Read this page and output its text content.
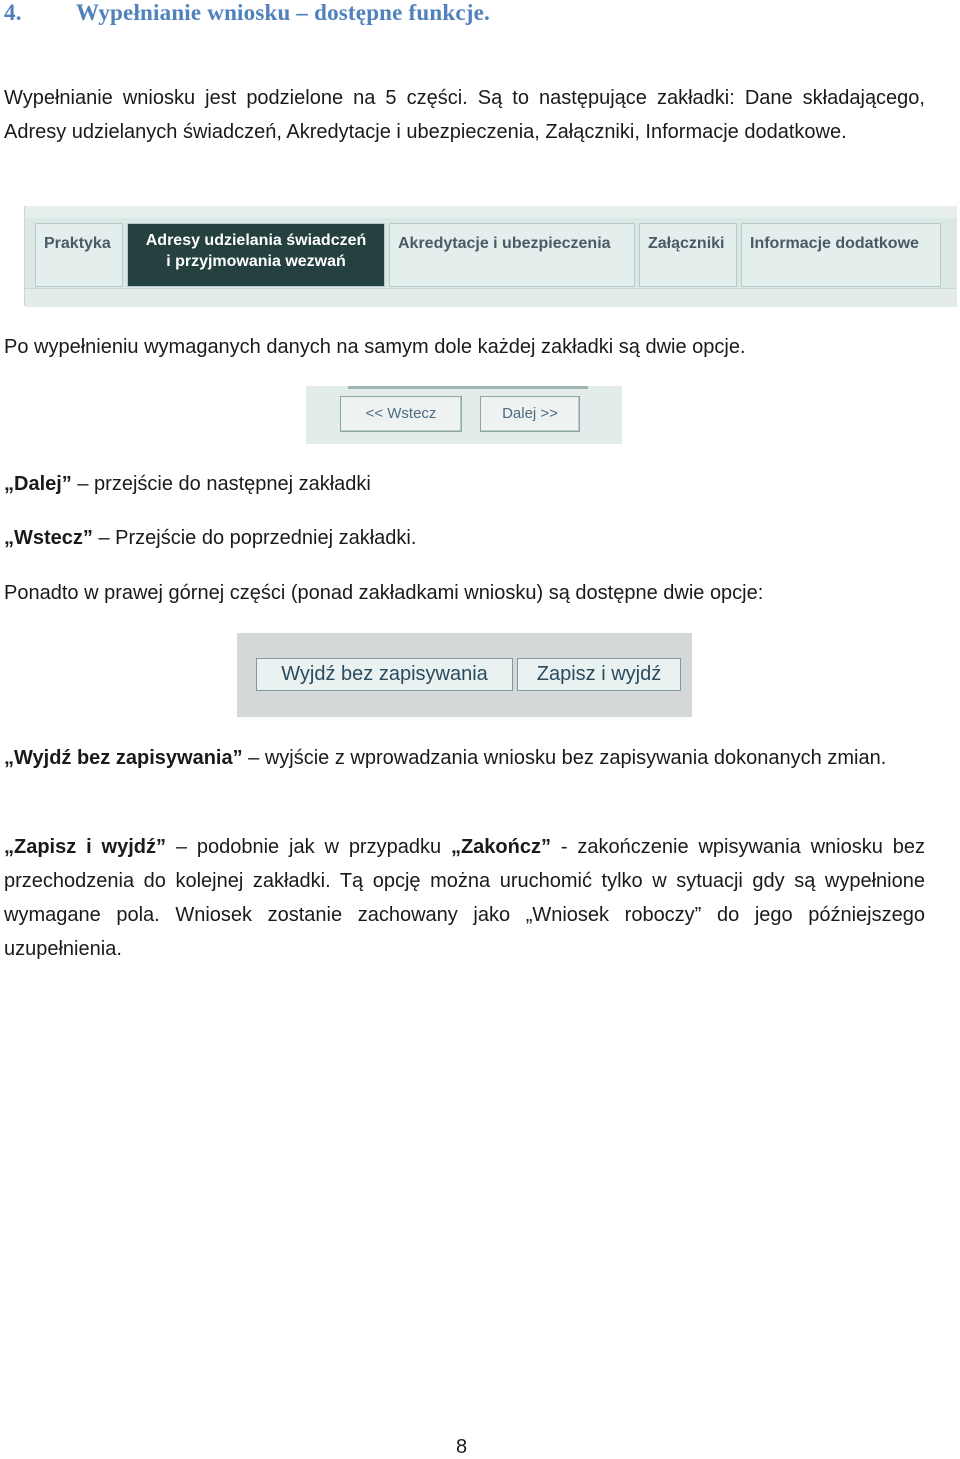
4. Wypełnianie wniosku – dostępne funkcje.

Wypełnianie wniosku jest podzielone na 5 części. Są to następujące zakładki: Dane składającego, Adresy udzielanych świadczeń, Akredytacje i ubezpieczenia, Załączniki, Informacje dodatkowe.

Praktyka	Adresy udzielania świadczeń
i przyjmowania wezwań
Akredytacje i ubezpieczenia	Załączniki	Informacje dodatkowe

Po wypełnieniu wymaganych danych na samym dole każdej zakładki są dwie opcje.

<< Wstecz	Dalej >>

„Dalej” – przejście do następnej zakładki

„Wstecz” – Przejście do poprzedniej zakładki.

Ponadto w prawej górnej części (ponad zakładkami wniosku) są dostępne dwie opcje:

Wyjdź bez zapisywania	Zapisz i wyjdź

„Wyjdź bez zapisywania” – wyjście z wprowadzania wniosku bez zapisywania dokonanych zmian.

„Zapisz i wyjdź” – podobnie jak w przypadku „Zakończ” - zakończenie wpisywania wniosku bez przechodzenia do kolejnej zakładki. Tą opcję można uruchomić tylko w sytuacji gdy są wypełnione wymagane pola. Wniosek zostanie zachowany jako „Wniosek roboczy” do jego późniejszego uzupełnienia.

8
